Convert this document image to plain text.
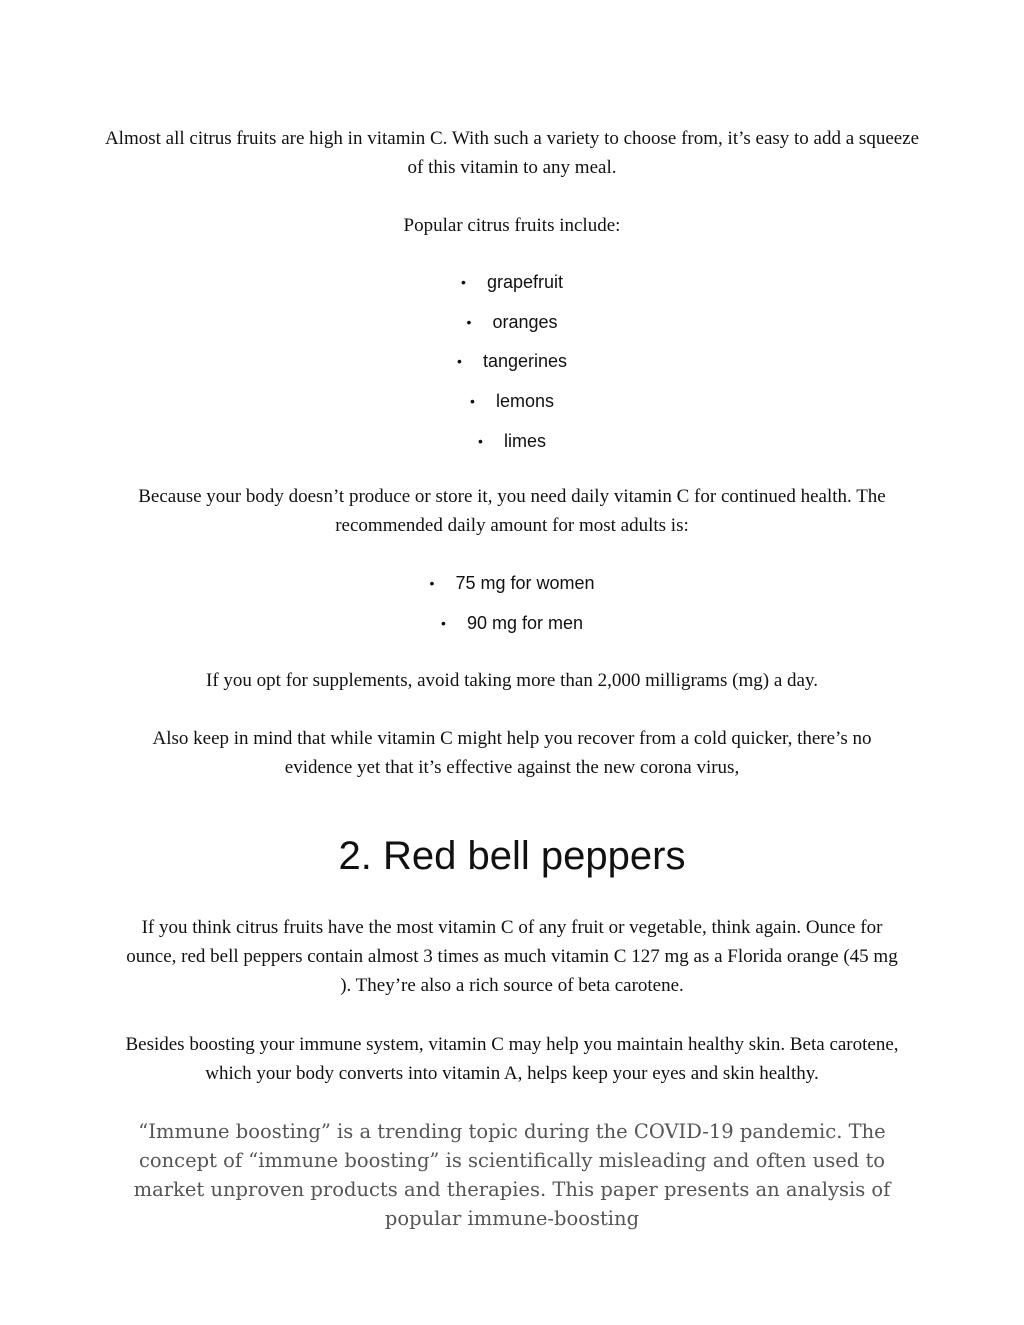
Almost all citrus fruits are high in vitamin C. With such a variety to choose from, it’s easy to add a squeeze of this vitamin to any meal.

Popular citrus fruits include:

• grapefruit
• oranges
• tangerines
• lemons
• limes

Because your body doesn’t produce or store it, you need daily vitamin C for continued health. The recommended daily amount for most adults is:

• 75 mg for women
• 90 mg for men

If you opt for supplements, avoid taking more than 2,000 milligrams (mg) a day.

Also keep in mind that while vitamin C might help you recover from a cold quicker, there’s no evidence yet that it’s effective against the new corona virus,

2. Red bell peppers

If you think citrus fruits have the most vitamin C of any fruit or vegetable, think again. Ounce for ounce, red bell peppers contain almost 3 times as much vitamin C 127 mg as a Florida orange (45 mg ). They’re also a rich source of beta carotene.

Besides boosting your immune system, vitamin C may help you maintain healthy skin. Beta carotene, which your body converts into vitamin A, helps keep your eyes and skin healthy.

“Immune boosting” is a trending topic during the COVID-19 pandemic. The concept of “immune boosting” is scientifically misleading and often used to market unproven products and therapies. This paper presents an analysis of popular immune-boosting
